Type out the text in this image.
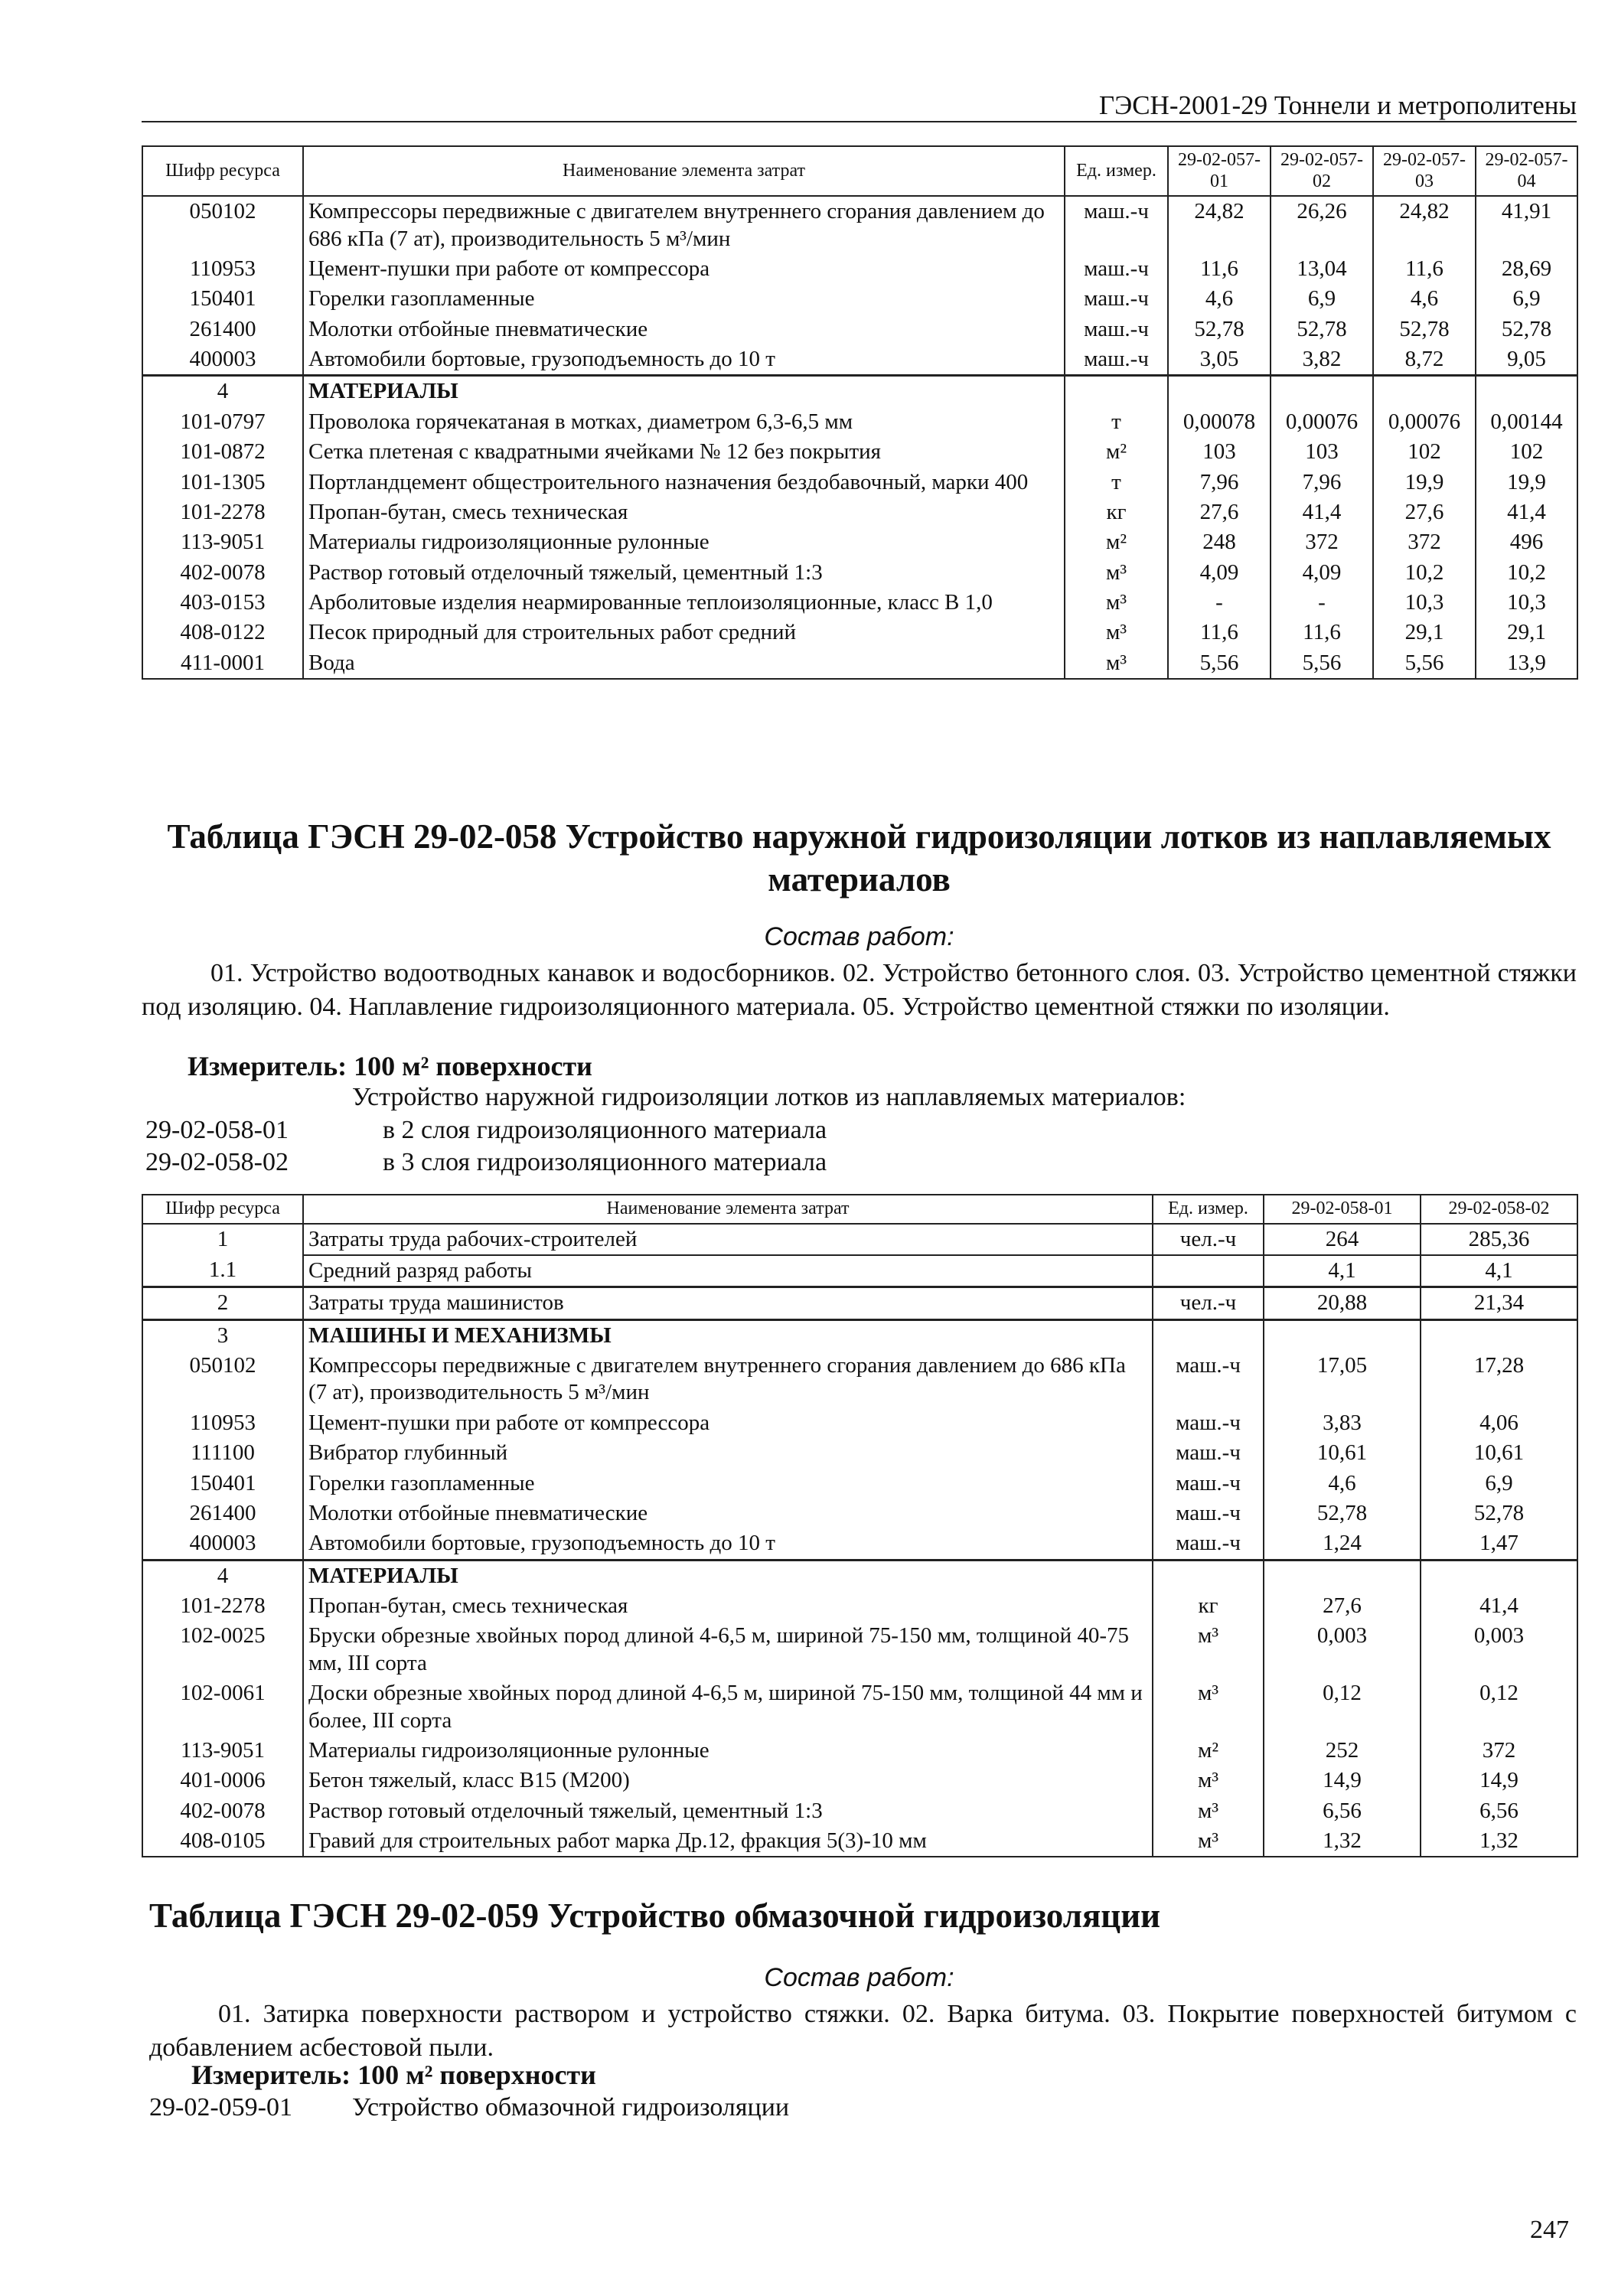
ГЭСН-2001-29 Тоннели и метрополитены
Шифр ресурса	Наименование элемента затрат	Ед. измер.	29-02-057-01	29-02-057-02	29-02-057-03	29-02-057-04
050102	Компрессоры передвижные с двигателем внутреннего сгорания давлением до 686 кПа (7 ат), производительность 5 м³/мин	маш.-ч	24,82	26,26	24,82	41,91
110953	Цемент-пушки при работе от компрессора	маш.-ч	11,6	13,04	11,6	28,69
150401	Горелки газопламенные	маш.-ч	4,6	6,9	4,6	6,9
261400	Молотки отбойные пневматические	маш.-ч	52,78	52,78	52,78	52,78
400003	Автомобили бортовые, грузоподъемность до 10 т	маш.-ч	3,05	3,82	8,72	9,05
4	МАТЕРИАЛЫ					
101-0797	Проволока горячекатаная в мотках, диаметром 6,3-6,5 мм	т	0,00078	0,00076	0,00076	0,00144
101-0872	Сетка плетеная с квадратными ячейками № 12 без покрытия	м²	103	103	102	102
101-1305	Портландцемент общестроительного назначения бездобавочный, марки 400	т	7,96	7,96	19,9	19,9
101-2278	Пропан-бутан, смесь техническая	кг	27,6	41,4	27,6	41,4
113-9051	Материалы гидроизоляционные рулонные	м²	248	372	372	496
402-0078	Раствор готовый отделочный тяжелый, цементный 1:3	м³	4,09	4,09	10,2	10,2
403-0153	Арболитовые изделия неармированные теплоизоляционные, класс В 1,0	м³	-	-	10,3	10,3
408-0122	Песок природный для строительных работ средний	м³	11,6	11,6	29,1	29,1
411-0001	Вода	м³	5,56	5,56	5,56	13,9
Таблица ГЭСН 29-02-058 Устройство наружной гидроизоляции лотков из наплавляемых материалов
Состав работ:
01. Устройство водоотводных канавок и водосборников. 02. Устройство бетонного слоя. 03. Устройство цементной стяжки под изоляцию. 04. Наплавление гидроизоляционного материала. 05. Устройство цементной стяжки по изоляции.
Измеритель: 100 м² поверхности
Устройство наружной гидроизоляции лотков из наплавляемых материалов:
29-02-058-01	в 2 слоя гидроизоляционного материала
29-02-058-02	в 3 слоя гидроизоляционного материала
Шифр ресурса	Наименование элемента затрат	Ед. измер.	29-02-058-01	29-02-058-02
1	Затраты труда рабочих-строителей	чел.-ч	264	285,36
1.1	Средний разряд работы		4,1	4,1
2	Затраты труда машинистов	чел.-ч	20,88	21,34
3	МАШИНЫ И МЕХАНИЗМЫ			
050102	Компрессоры передвижные с двигателем внутреннего сгорания давлением до 686 кПа (7 ат), производительность 5 м³/мин	маш.-ч	17,05	17,28
110953	Цемент-пушки при работе от компрессора	маш.-ч	3,83	4,06
111100	Вибратор глубинный	маш.-ч	10,61	10,61
150401	Горелки газопламенные	маш.-ч	4,6	6,9
261400	Молотки отбойные пневматические	маш.-ч	52,78	52,78
400003	Автомобили бортовые, грузоподъемность до 10 т	маш.-ч	1,24	1,47
4	МАТЕРИАЛЫ			
101-2278	Пропан-бутан, смесь техническая	кг	27,6	41,4
102-0025	Бруски обрезные хвойных пород длиной 4-6,5 м, шириной 75-150 мм, толщиной 40-75 мм, III сорта	м³	0,003	0,003
102-0061	Доски обрезные хвойных пород длиной 4-6,5 м, шириной 75-150 мм, толщиной 44 мм и более, III сорта	м³	0,12	0,12
113-9051	Материалы гидроизоляционные рулонные	м²	252	372
401-0006	Бетон тяжелый, класс В15 (М200)	м³	14,9	14,9
402-0078	Раствор готовый отделочный тяжелый, цементный 1:3	м³	6,56	6,56
408-0105	Гравий для строительных работ марка Др.12, фракция 5(3)-10 мм	м³	1,32	1,32
Таблица ГЭСН 29-02-059 Устройство обмазочной гидроизоляции
Состав работ:
01. Затирка поверхности раствором и устройство стяжки. 02. Варка битума. 03. Покрытие поверхностей битумом с добавлением асбестовой пыли.
Измеритель: 100 м² поверхности
29-02-059-01 Устройство обмазочной гидроизоляции
247
